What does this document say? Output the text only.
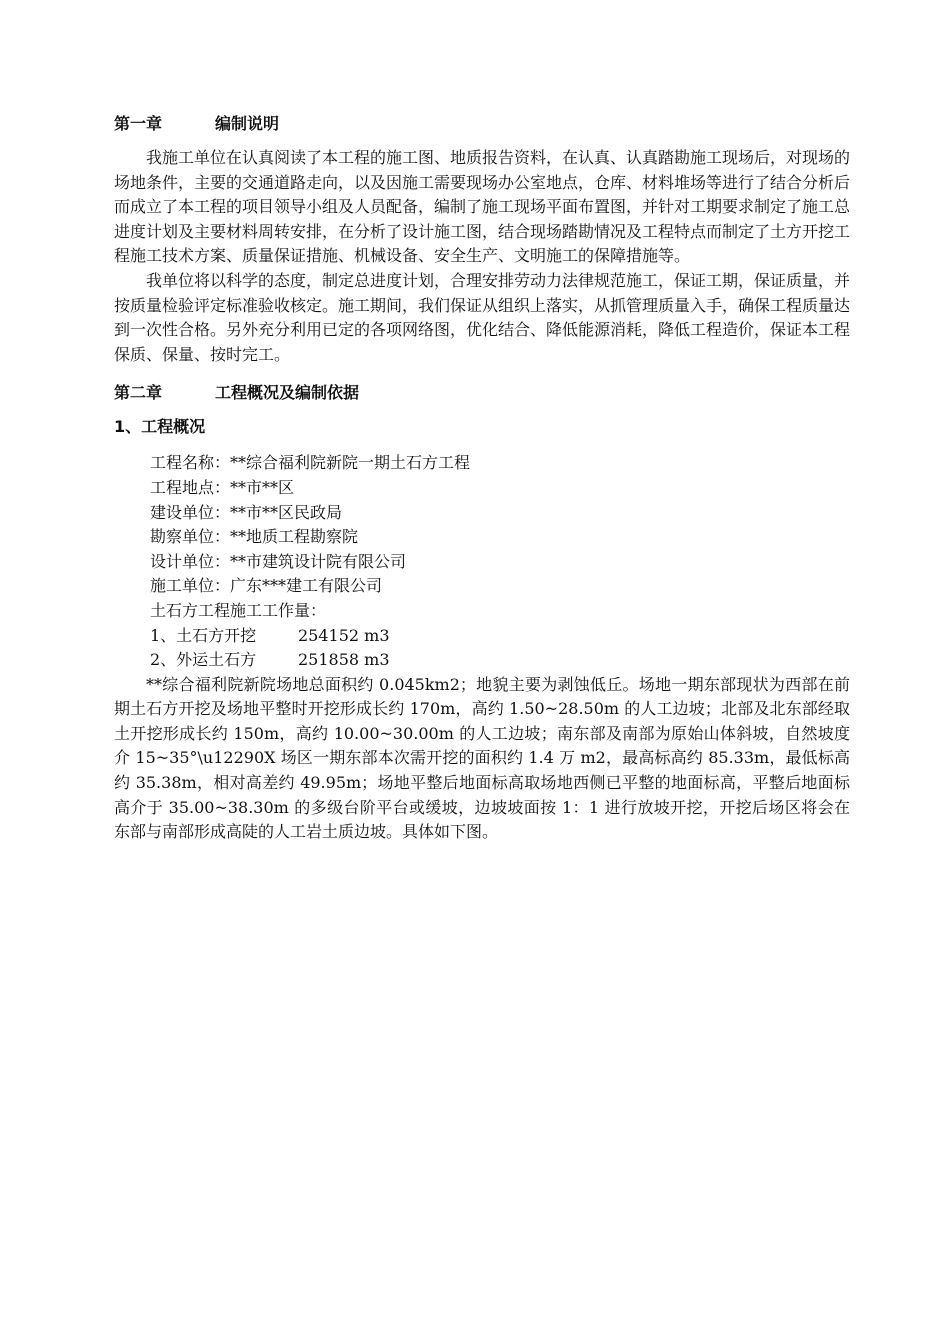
第一章	编制说明

我施工单位在认真阅读了本工程的施工图、地质报告资料，在认真、认真踏勘施工现场后，对现场的场地条件，主要的交通道路走向，以及因施工需要现场办公室地点，仓库、材料堆场等进行了结合分析后而成立了本工程的项目领导小组及人员配备，编制了施工现场平面布置图，并针对工期要求制定了施工总进度计划及主要材料周转安排，在分析了设计施工图，结合现场踏勘情况及工程特点而制定了土方开挖工程施工技术方案、质量保证措施、机械设备、安全生产、文明施工的保障措施等。

我单位将以科学的态度，制定总进度计划，合理安排劳动力法律规范施工，保证工期，保证质量，并按质量检验评定标准验收核定。施工期间，我们保证从组织上落实，从抓管理质量入手，确保工程质量达到一次性合格。另外充分利用已定的各项网络图，优化结合、降低能源消耗，降低工程造价，保证本工程保质、保量、按时完工。

第二章	工程概况及编制依据
1、工程概况
工程名称：**综合福利院新院一期土石方工程
工程地点：**市**区
建设单位：**市**区民政局
勘察单位：**地质工程勘察院
设计单位：**市建筑设计院有限公司
施工单位：广东***建工有限公司
土石方工程施工工作量：
1、土石方开挖	254152 m3
2、外运土石方	251858 m3

**综合福利院新院场地总面积约 0.045km2；地貌主要为剥蚀低丘。场地一期东部现状为西部在前期土石方开挖及场地平整时开挖形成长约 170m，高约 1.50~28.50m 的人工边坡；北部及北东部经取土开挖形成长约 150m，高约 10.00~30.00m 的人工边坡；南东部及南部为原始山体斜坡，自然坡度介 15~35°\u12290X 场区一期东部本次需开挖的面积约 1.4 万 m2，最高标高约 85.33m，最低标高约 35.38m，相对高差约 49.95m；场地平整后地面标高取场地西侧已平整的地面标高，平整后地面标高介于 35.00~38.30m 的多级台阶平台或缓坡，边坡坡面按 1：1 进行放坡开挖，开挖后场区将会在东部与南部形成高陡的人工岩土质边坡。具体如下图。
